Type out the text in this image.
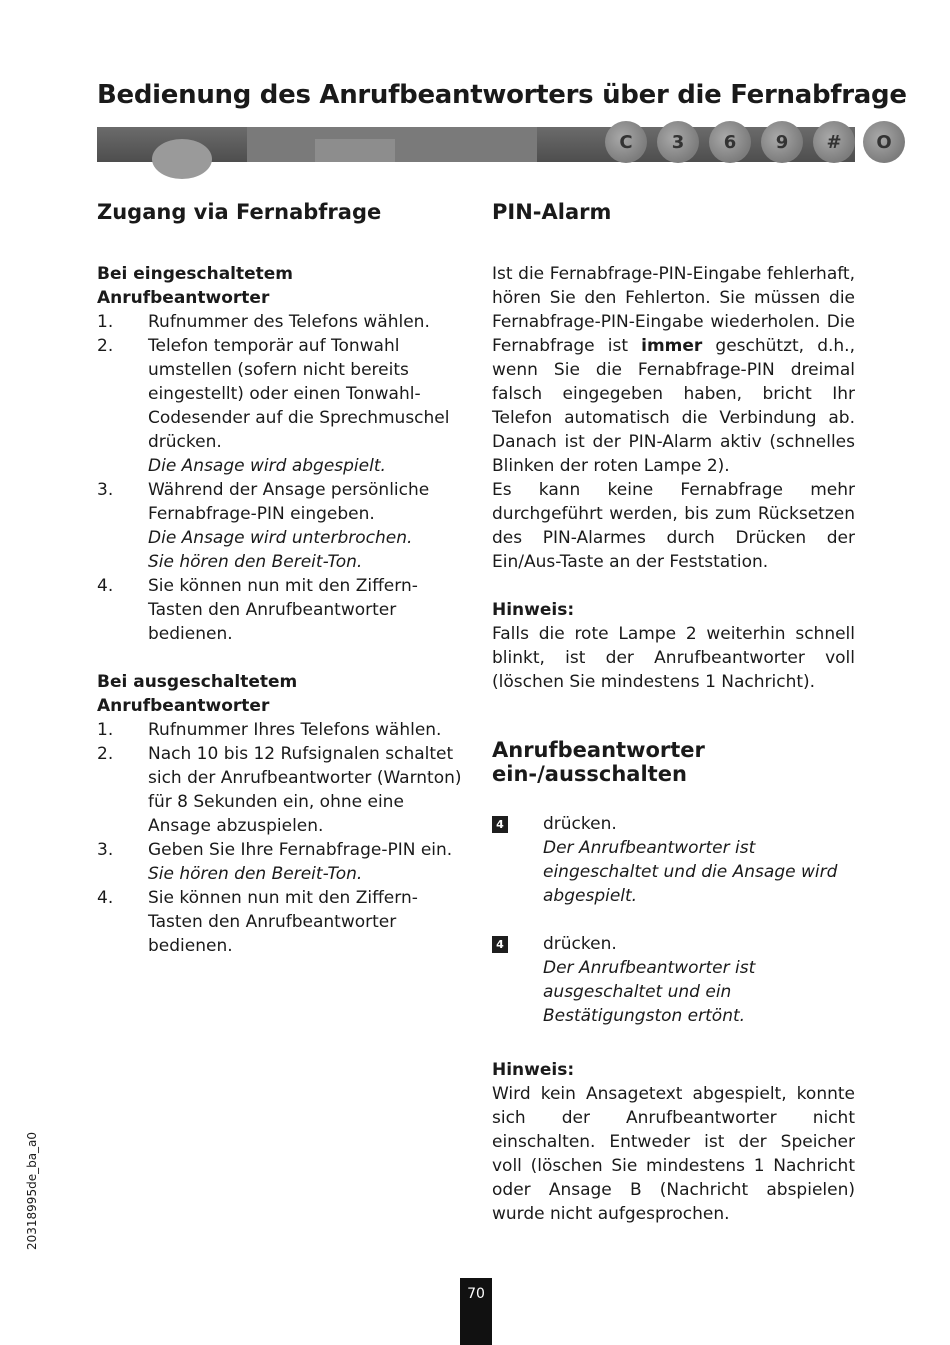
Bedienung des Anrufbeantworters über die Fernabfrage
C	3	6	9	#	O
Zugang via Fernabfrage
Bei eingeschaltetem Anrufbeantworter
1. Rufnummer des Telefons wählen.
2. Telefon temporär auf Tonwahl umstellen (sofern nicht bereits eingestellt) oder einen Tonwahl-Codesender auf die Sprechmuschel drücken.
Die Ansage wird abgespielt.
3. Während der Ansage persönliche Fernabfrage-PIN eingeben.
Die Ansage wird unterbrochen.
Sie hören den Bereit-Ton.
4. Sie können nun mit den Ziffern-Tasten den Anrufbeantworter bedienen.
Bei ausgeschaltetem Anrufbeantworter
1. Rufnummer Ihres Telefons wählen.
2. Nach 10 bis 12 Rufsignalen schaltet sich der Anrufbeantworter (Warnton) für 8 Sekunden ein, ohne eine Ansage abzuspielen.
3. Geben Sie Ihre Fernabfrage-PIN ein.
Sie hören den Bereit-Ton.
4. Sie können nun mit den Ziffern-Tasten den Anrufbeantworter bedienen.
PIN-Alarm
Ist die Fernabfrage-PIN-Eingabe fehlerhaft, hören Sie den Fehlerton. Sie müssen die Fernabfrage-PIN-Eingabe wiederholen. Die Fernabfrage ist immer geschützt, d.h., wenn Sie die Fernabfrage-PIN dreimal falsch eingegeben haben, bricht Ihr Telefon automatisch die Verbindung ab. Danach ist der PIN-Alarm aktiv (schnelles Blinken der roten Lampe 2).
Es kann keine Fernabfrage mehr durchgeführt werden, bis zum Rücksetzen des PIN-Alarmes durch Drücken der Ein/Aus-Taste an der Feststation.
Hinweis:
Falls die rote Lampe 2 weiterhin schnell blinkt, ist der Anrufbeantworter voll (löschen Sie mindestens 1 Nachricht).
Anrufbeantworter
ein-/ausschalten
4 drücken.
Der Anrufbeantworter ist eingeschaltet und die Ansage wird abgespielt.
4 drücken.
Der Anrufbeantworter ist ausgeschaltet und ein Bestätigungston ertönt.
Hinweis:
Wird kein Ansagetext abgespielt, konnte sich der Anrufbeantworter nicht einschalten. Entweder ist der Speicher voll (löschen Sie mindestens 1 Nachricht oder Ansage B (Nachricht abspielen) wurde nicht aufgesprochen.
20318995de_ba_a0
70
